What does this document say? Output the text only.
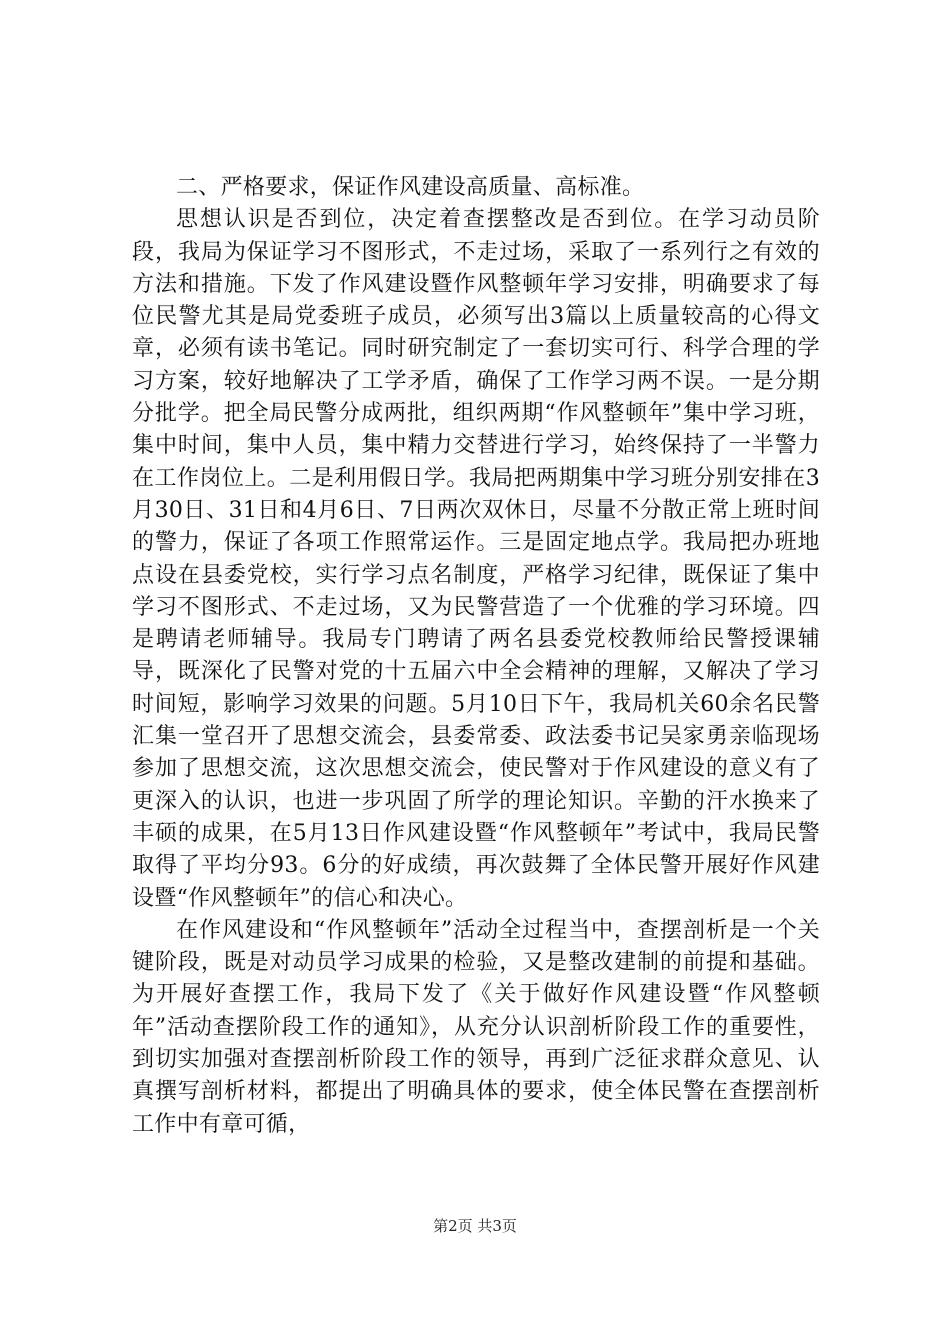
二、严格要求，保证作风建设高质量、高标准。

思想认识是否到位，决定着查摆整改是否到位。在学习动员阶段，我局为保证学习不图形式，不走过场，采取了一系列行之有效的方法和措施。下发了作风建设暨作风整顿年学习安排，明确要求了每位民警尤其是局党委班子成员，必须写出3篇以上质量较高的心得文章，必须有读书笔记。同时研究制定了一套切实可行、科学合理的学习方案，较好地解决了工学矛盾，确保了工作学习两不误。一是分期分批学。把全局民警分成两批，组织两期“作风整顿年”集中学习班，集中时间，集中人员，集中精力交替进行学习，始终保持了一半警力在工作岗位上。二是利用假日学。我局把两期集中学习班分别安排在3月30日、31日和4月6日、7日两次双休日，尽量不分散正常上班时间的警力，保证了各项工作照常运作。三是固定地点学。我局把办班地点设在县委党校，实行学习点名制度，严格学习纪律，既保证了集中学习不图形式、不走过场，又为民警营造了一个优雅的学习环境。四是聘请老师辅导。我局专门聘请了两名县委党校教师给民警授课辅导，既深化了民警对党的十五届六中全会精神的理解，又解决了学习时间短，影响学习效果的问题。5月10日下午，我局机关60余名民警汇集一堂召开了思想交流会，县委常委、政法委书记吴家勇亲临现场参加了思想交流，这次思想交流会，使民警对于作风建设的意义有了更深入的认识，也进一步巩固了所学的理论知识。辛勤的汗水换来了丰硕的成果，在5月13日作风建设暨“作风整顿年”考试中，我局民警取得了平均分93。6分的好成绩，再次鼓舞了全体民警开展好作风建设暨“作风整顿年”的信心和决心。

在作风建设和“作风整顿年”活动全过程当中，查摆剖析是一个关键阶段，既是对动员学习成果的检验，又是整改建制的前提和基础。为开展好查摆工作，我局下发了《关于做好作风建设暨“作风整顿年”活动查摆阶段工作的通知》，从充分认识剖析阶段工作的重要性，到切实加强对查摆剖析阶段工作的领导，再到广泛征求群众意见、认真撰写剖析材料，都提出了明确具体的要求，使全体民警在查摆剖析工作中有章可循，

第2页 共3页
